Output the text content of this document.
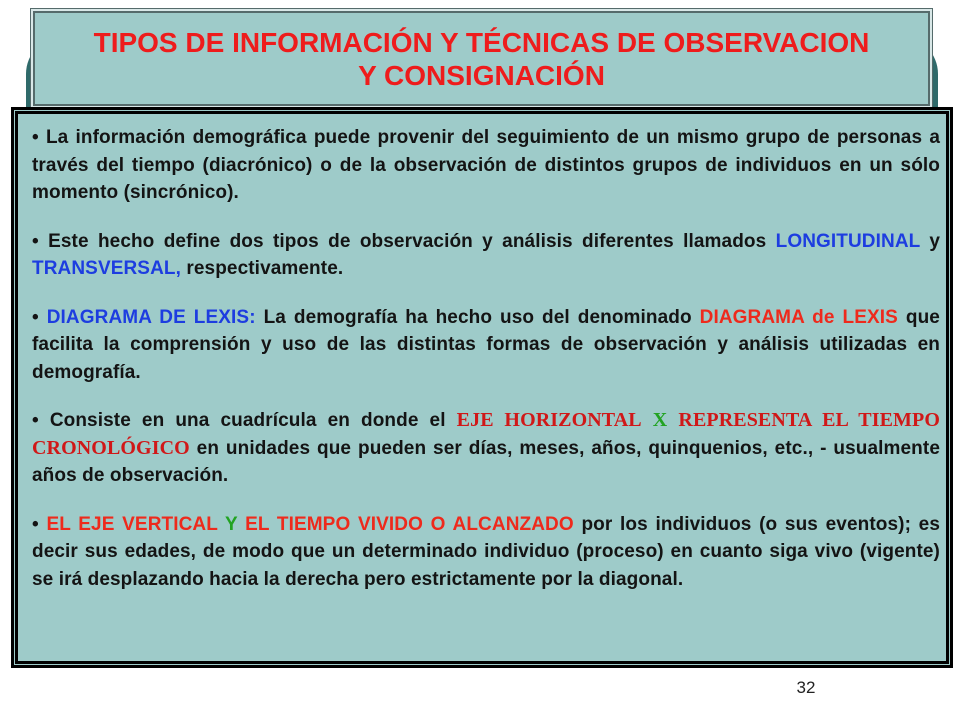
TIPOS DE INFORMACIÓN Y TÉCNICAS DE OBSERVACION
Y CONSIGNACIÓN

• La información demográfica puede provenir del seguimiento de un mismo grupo de personas a través del tiempo (diacrónico) o de la observación de distintos grupos de individuos en un sólo momento (sincrónico).

• Este hecho define dos tipos de observación y análisis diferentes llamados LONGITUDINAL y TRANSVERSAL, respectivamente.

• DIAGRAMA DE LEXIS: La demografía ha hecho uso del denominado DIAGRAMA de LEXIS que facilita la comprensión y uso de las distintas formas de observación y análisis utilizadas en demografía.

• Consiste en una cuadrícula en donde el EJE HORIZONTAL X REPRESENTA EL TIEMPO CRONOLÓGICO en unidades que pueden ser días, meses, años, quinquenios, etc., - usualmente años de observación.

• EL EJE VERTICAL Y EL TIEMPO VIVIDO O ALCANZADO por los individuos (o sus eventos); es decir sus edades, de modo que un determinado individuo (proceso) en cuanto siga vivo (vigente) se irá desplazando hacia la derecha pero estrictamente por la diagonal.

32
